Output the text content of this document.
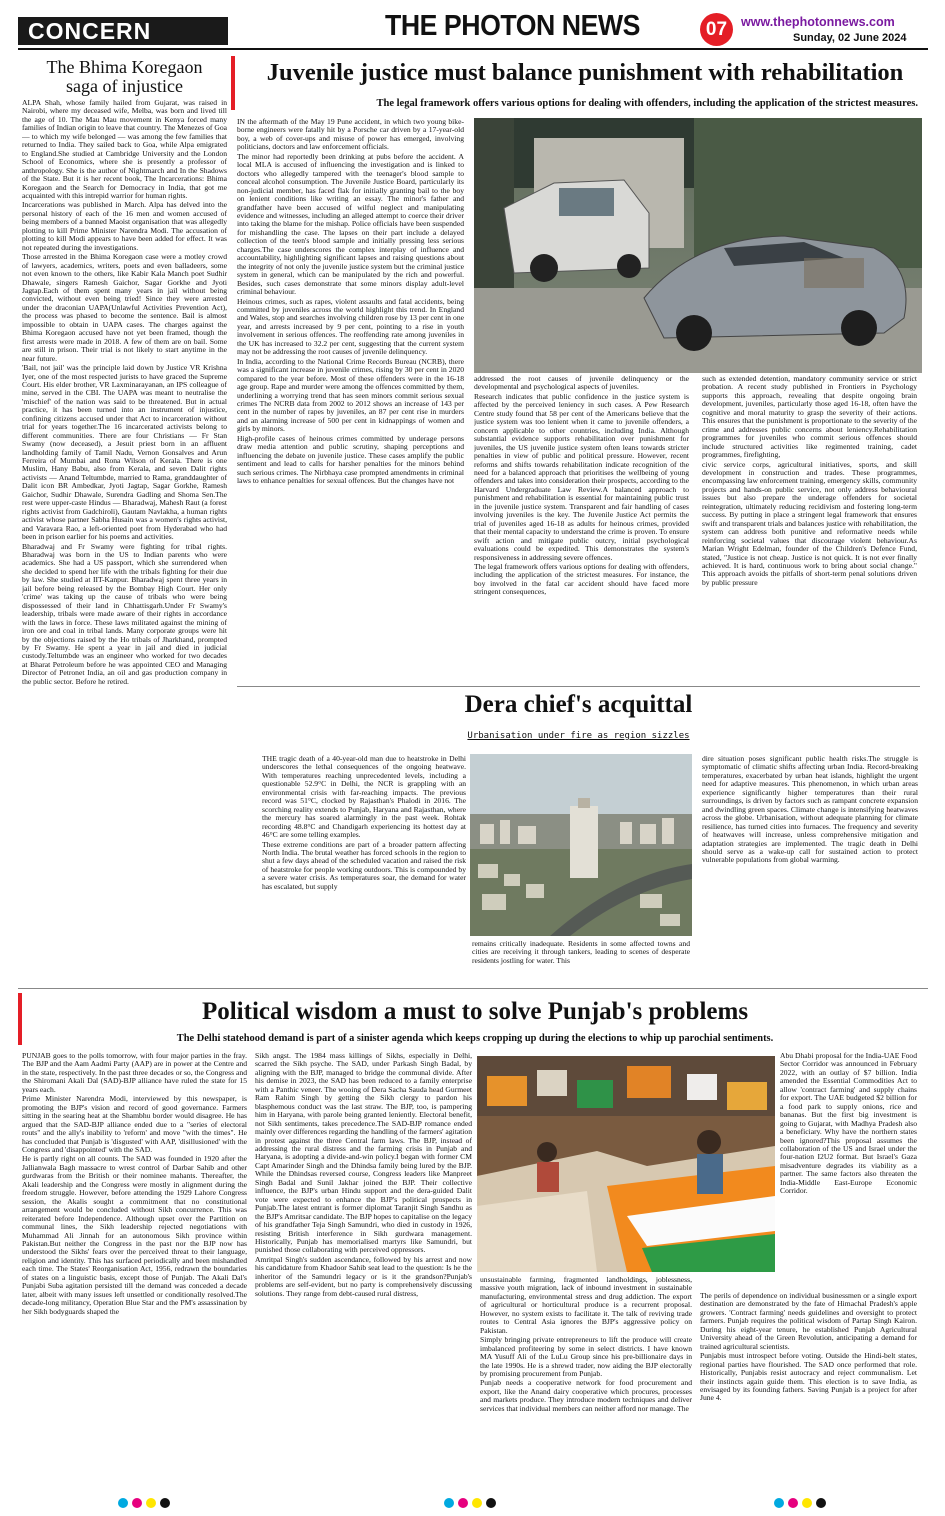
CONCERN	THE PHOTON NEWS	07	www.thephotonnews.com
Sunday, 02 June 2024
The Bhima Koregaon
saga of injustice

ALPA Shah, whose family hailed from Gujarat, was raised in Nairobi, where my deceased wife, Melba, was born and lived till the age of 10. The Mau Mau movement in Kenya forced many families of Indian origin to leave that country. The Menezes of Goa — to which my wife belonged — was among the few families that returned to India. They sailed back to Goa, while Alpa emigrated to England.She studied at Cambridge University and the London School of Economics, where she is presently a professor of anthropology. She is the author of Nightmarch and In the Shadows of the State. But it is her recent book, The Incarcerations: Bhima Koregaon and the Search for Democracy in India, that got me acquainted with this intrepid warrior for human rights.

Incarcerations was published in March. Alpa has delved into the personal history of each of the 16 men and women accused of being members of a banned Maoist organisation that was allegedly plotting to kill Prime Minister Narendra Modi. The accusation of plotting to kill Modi appears to have been added for effect. It was not repeated during the investigations.

Those arrested in the Bhima Koregaon case were a motley crowd of lawyers, academics, writers, poets and even balladeers, some not even known to the others, like Kabir Kala Manch poet Sudhir Dhawale, singers Ramesh Gaichor, Sagar Gorkhe and Jyoti Jagtap.Each of them spent many years in jail without being convicted, without even being tried! Since they were arrested under the draconian UAPA(Unlawful Activities Prevention Act), the process was phased to become the sentence. Bail is almost impossible to obtain in UAPA cases. The charges against the Bhima Koregaon accused have not yet been framed, though the first arrests were made in 2018. A few of them are on bail. Some are still in prison. Their trial is not likely to start anytime in the near future.

'Bail, not jail' was the principle laid down by Justice VR Krishna Iyer, one of the most respected jurists to have graced the Supreme Court. His elder brother, VR Laxminarayanan, an IPS colleague of mine, served in the CBI. The UAPA was meant to neutralise the 'mischief' of the nation was said to be threatened. But in actual practice, it has been turned into an instrument of injustice, confining citizens accused under that Act to incarceration without trial for years together.The 16 incarcerated activists belong to different communities. There are four Christians — Fr Stan Swamy (now deceased), a Jesuit priest born in an affluent landholding family of Tamil Nadu, Vernon Gonsalves and Arun Ferreira of Mumbai and Rona Wilson of Kerala. There is one Muslim, Hany Babu, also from Kerala, and seven Dalit rights activists — Anand Teltumbde, married to Rama, granddaughter of Dalit icon BR Ambedkar, Jyoti Jagtap, Sagar Gorkhe, Ramesh Gaichor, Sudhir Dhawale, Surendra Gadling and Shoma Sen.The rest were upper-caste Hindus — Bharadwaj, Mahesh Raut (a forest rights activist from Gadchiroli), Gautam Navlakha, a human rights activist whose partner Sabha Husain was a women's rights activist, and Varavara Rao, a left-oriented poet from Hyderabad who had been in prison earlier for his poems and activities.

Bharadwaj and Fr Swamy were fighting for tribal rights. Bharadwaj was born in the US to Indian parents who were academics. She had a US passport, which she surrendered when she decided to spend her life with the tribals fighting for their due by law. She studied at IIT-Kanpur. Bharadwaj spent three years in jail before being released by the Bombay High Court. Her only 'crime' was taking up the cause of tribals who were being dispossessed of their land in Chhattisgarh.Under Fr Swamy's leadership, tribals were made aware of their rights in accordance with the laws in force. These laws militated against the mining of iron ore and coal in tribal lands. Many corporate groups were hit by the objections raised by the Ho tribals of Jharkhand, prompted by Fr Swamy. He spent a year in jail and died in judicial custody.Teltumbde was an engineer who worked for two decades at Bharat Petroleum before he was appointed CEO and Managing Director of Petronet India, an oil and gas production company in the public sector. Before he retired.

Juvenile justice must balance punishment with rehabilitation
The legal framework offers various options for dealing with offenders, including the application of the strictest measures.

IN the aftermath of the May 19 Pune accident, in which two young bike-borne engineers were fatally hit by a Porsche car driven by a 17-year-old boy, a web of cover-ups and misuse of power has emerged, involving politicians, doctors and law enforcement officials.

The minor had reportedly been drinking at pubs before the accident. A local MLA is accused of influencing the investigation and is linked to doctors who allegedly tampered with the teenager's blood sample to conceal alcohol consumption. The Juvenile Justice Board, particularly its non-judicial member, has faced flak for initially granting bail to the boy on lenient conditions like writing an essay. The minor's father and grandfather have been accused of wilful neglect and manipulating evidence and witnesses, including an alleged attempt to coerce their driver into taking the blame for the mishap. Police officials have been suspended for mishandling the case. The lapses on their part include a delayed collection of the teen's blood sample and initially pressing less serious charges.The case underscores the complex interplay of influence and accountability, highlighting significant lapses and raising questions about the integrity of not only the juvenile justice system but the criminal justice system in general, which can be manipulated by the rich and powerful. Besides, such cases demonstrate that some minors display adult-level criminal behaviour.

Heinous crimes, such as rapes, violent assaults and fatal accidents, being committed by juveniles across the world highlight this trend. In England and Wales, stop and searches involving children rose by 13 per cent in one year, and arrests increased by 9 per cent, pointing to a rise in youth involvement in serious offences. The reoffending rate among juveniles in the UK has increased to 32.2 per cent, suggesting that the current system may not be addressing the root causes of juvenile delinquency.

In India, according to the National Crime Records Bureau (NCRB), there was a significant increase in juvenile crimes, rising by 30 per cent in 2020 compared to the year before. Most of these offenders were in the 16-18 age group. Rape and murder were among the offences committed by them, underlining a worrying trend that has seen minors commit serious sexual crimes The NCRB data from 2002 to 2012 shows an increase of 143 per cent in the number of rapes by juveniles, an 87 per cent rise in murders and an alarming increase of 500 per cent in kidnappings of women and girls by minors.

High-profile cases of heinous crimes committed by underage persons draw media attention and public scrutiny, shaping perceptions and influencing the debate on juvenile justice. These cases amplify the public sentiment and lead to calls for harsher penalties for the minors behind such serious crimes. The Nirbhaya case prompted amendments in criminal laws to enhance penalties for sexual offences. But the changes have not

addressed the root causes of juvenile delinquency or the developmental and psychological aspects of juveniles.

Research indicates that public confidence in the justice system is affected by the perceived leniency in such cases. A Pew Research Centre study found that 58 per cent of the Americans believe that the justice system was too lenient when it came to juvenile offenders, a concern applicable to other countries, including India. Although substantial evidence supports rehabilitation over punishment for juveniles, the US juvenile justice system often leans towards stricter penalties in view of public and political pressure. However, recent reforms and shifts towards rehabilitation indicate recognition of the need for a balanced approach that prioritises the wellbeing of young offenders and takes into consideration their prospects, according to the Harvard Undergraduate Law Review.A balanced approach to punishment and rehabilitation is essential for maintaining public trust in the juvenile justice system. Transparent and fair handling of cases involving juveniles is the key. The Juvenile Justice Act permits the trial of juveniles aged 16-18 as adults for heinous crimes, provided that their mental capacity to understand the crime is proven. To ensure swift action and mitigate public outcry, initial psychological evaluations could be expedited. This demonstrates the system's responsiveness in addressing severe offences.

The legal framework offers various options for dealing with offenders, including the application of the strictest measures. For instance, the boy involved in the fatal car accident should have faced more stringent consequences,

such as extended detention, mandatory community service or strict probation. A recent study published in Frontiers in Psychology supports this approach, revealing that despite ongoing brain development, juveniles, particularly those aged 16-18, often have the cognitive and moral maturity to grasp the severity of their actions. This ensures that the punishment is proportionate to the severity of the crime and addresses public concerns about leniency.Rehabilitation programmes for juveniles who commit serious offences should include structured activities like regimented training, cadet programmes, firefighting,

civic service corps, agricultural initiatives, sports, and skill development in construction and trades. These programmes, encompassing law enforcement training, emergency skills, community projects and hands-on public service, not only address behavioural issues but also prepare the underage offenders for societal reintegration, ultimately reducing recidivism and fostering long-term success. By putting in place a stringent legal framework that ensures swift and transparent trials and balances justice with rehabilitation, the system can address both punitive and reformative needs while reinforcing societal values that discourage violent behaviour.As Marian Wright Edelman, founder of the Children's Defence Fund, stated, "Justice is not cheap. Justice is not quick. It is not ever finally achieved. It is hard, continuous work to bring about social change." This approach avoids the pitfalls of short-term penal solutions driven by public pressure

Dera chief's acquittal
Urbanisation under fire as region sizzles

THE tragic death of a 40-year-old man due to heatstroke in Delhi underscores the lethal consequences of the ongoing heatwave. With temperatures reaching unprecedented levels, including a questionable 52.9°C in Delhi, the NCR is grappling with an environmental crisis with far-reaching impacts. The previous record was 51°C, clocked by Rajasthan's Phalodi in 2016. The scorching reality extends to Punjab, Haryana and Rajasthan, where the mercury has soared alarmingly in the past week. Rohtak recording 48.8°C and Chandigarh experiencing its hottest day at 46°C are some telling examples.

These extreme conditions are part of a broader pattern affecting North India. The brutal weather has forced schools in the region to shut a few days ahead of the scheduled vacation and raised the risk of heatstroke for people working outdoors. This is compounded by a severe water crisis. As temperatures soar, the demand for water has escalated, but supply

remains critically inadequate. Residents in some affected towns and cities are receiving it through tankers, leading to scenes of desperate residents jostling for water. This

dire situation poses significant public health risks.The struggle is symptomatic of climatic shifts affecting urban India. Record-breaking temperatures, exacerbated by urban heat islands, highlight the urgent need for adaptive measures. This phenomenon, in which urban areas experience significantly higher temperatures than their rural surroundings, is driven by factors such as rampant concrete expansion and dwindling green spaces. Climate change is intensifying heatwaves across the globe. Urbanisation, without adequate planning for climate resilience, has turned cities into furnaces. The frequency and severity of heatwaves will increase, unless comprehensive mitigation and adaptation strategies are implemented. The tragic death in Delhi should serve as a wake-up call for sustained action to protect vulnerable populations from global warming.

Political wisdom a must to solve Punjab's problems
The Delhi statehood demand is part of a sinister agenda which keeps cropping up during the elections to whip up parochial sentiments.

PUNJAB goes to the polls tomorrow, with four major parties in the fray. The BJP and the Aam Aadmi Party (AAP) are in power at the Centre and in the state, respectively. In the past three decades or so, the Congress and the Shiromani Akali Dal (SAD)-BJP alliance have ruled the state for 15 years each.

Prime Minister Narendra Modi, interviewed by this newspaper, is promoting the BJP's vision and record of good governance. Farmers sitting in the searing heat at the Shambhu border would disagree. He has argued that the SAD-BJP alliance ended due to a "series of electoral routs" and the ally's inability to 'reform' and move "with the times". He has concluded that Punjab is 'disgusted' with AAP, 'disillusioned' with the Congress and 'disappointed' with the SAD.

He is partly right on all counts. The SAD was founded in 1920 after the Jallianwala Bagh massacre to wrest control of Darbar Sahib and other gurdwaras from the British or their nominee mahants. Thereafter, the Akali leadership and the Congress were mostly in alignment during the freedom struggle. However, before attending the 1929 Lahore Congress session, the Akalis sought a commitment that no constitutional arrangement would be concluded without Sikh concurrence. This was reiterated before Independence. Although upset over the Partition on communal lines, the Sikh leadership rejected negotiations with Muhammad Ali Jinnah for an autonomous Sikh province within Pakistan.But neither the Congress in the past nor the BJP now has understood the Sikhs' fears over the perceived threat to their language, religion and identity. This has surfaced periodically and been mishandled each time. The States' Reorganisation Act, 1956, redrawn the boundaries of states on a linguistic basis, except those of Punjab. The Akali Dal's Punjabi Suba agitation persisted till the demand was conceded a decade later, albeit with many issues left unsettled or conditionally resolved.The decade-long militancy, Operation Blue Star and the PM's assassination by her Sikh bodyguards shaped the

Sikh angst. The 1984 mass killings of Sikhs, especially in Delhi, scarred the Sikh psyche. The SAD, under Parkash Singh Badal, by aligning with the BJP, managed to bridge the communal divide. After his demise in 2023, the SAD has been reduced to a family enterprise with a Panthic veneer. The wooing of Dera Sacha Sauda head Gurmeet Ram Rahim Singh by getting the Sikh clergy to pardon his blasphemous conduct was the last straw. The BJP, too, is pampering him in Haryana, with parole being granted leniently. Electoral benefit, not Sikh sentiments, takes precedence.The SAD-BJP romance ended mainly over differences regarding the handling of the farmers' agitation in protest against the three Central farm laws. The BJP, instead of addressing the rural distress and the farming crisis in Punjab and Haryana, is adopting a divide-and-win policy.I began with former CM Capt Amarinder Singh and the Dhindsa family being lured by the BJP. While the Dhindsas reversed course, Congress leaders like Manpreet Singh Badal and Sunil Jakhar joined the BJP. Their collective influence, the BJP's urban Hindu support and the dera-guided Dalit vote were expected to enhance the BJP's political prospects in Punjab.The latest entrant is former diplomat Taranjit Singh Sandhu as the BJP's Amritsar candidate. The BJP hopes to capitalise on the legacy of his grandfather Teja Singh Samundri, who died in custody in 1926, resisting British interference in Sikh gurdwara management. Historically, Punjab has memorialised martyrs like Samundri, but punished those collaborating with perceived oppressors.

Amritpal Singh's sudden ascendance, followed by his arrest and now his candidature from Khadoor Sahib seat lead to the question: Is he the inheritor of the Samundri legacy or is it the grandson?Punjab's problems are self-evident, but no party is comprehensively discussing solutions. They range from debt-caused rural distress,

unsustainable farming, fragmented landholdings, joblessness, massive youth migration, lack of inbound investment in sustainable manufacturing, environmental stress and drug addiction. The export of agricultural or horticultural produce is a recurrent proposal. However, no system exists to facilitate it. The talk of reviving trade routes to Central Asia ignores the BJP's aggressive policy on Pakistan.

Simply bringing private entrepreneurs to lift the produce will create imbalanced profiteering by some in select districts. I have known MA Yusuff Ali of the LuLu Group since his pre-billionaire days in the late 1990s. He is a shrewd trader, now aiding the BJP electorally by promising procurement from Punjab.

Punjab needs a cooperative network for food procurement and export, like the Anand dairy cooperative which procures, processes and markets produce. They introduce modern techniques and deliver services that individual members can neither afford nor manage. The

Abu Dhabi proposal for the India-UAE Food Sector Corridor was announced in February 2022, with an outlay of $7 billion. India amended the Essential Commodities Act to allow 'contract farming' and supply chains for export. The UAE budgeted $2 billion for a food park to supply onions, rice and bananas. But the first big investment is going to Gujarat, with Madhya Pradesh also a beneficiary. Why have the northern states been ignored?This proposal assumes the collaboration of the US and Israel under the four-nation I2U2 format. But Israel's Gaza misadventure degrades its viability as a partner. The same factors also threaten the India-Middle East-Europe Economic Corridor.

The perils of dependence on individual businessmen or a single export destination are demonstrated by the fate of Himachal Pradesh's apple growers. 'Contract farming' needs guidelines and oversight to protect farmers. Punjab requires the political wisdom of Partap Singh Kairon. During his eight-year tenure, he established Punjab Agricultural University ahead of the Green Revolution, anticipating a demand for trained agricultural scientists.

Punjabis must introspect before voting. Outside the Hindi-belt states, regional parties have flourished. The SAD once performed that role. Historically, Punjabis resist autocracy and reject communalism. Let their instincts again guide them. This election is to save India, as envisaged by its founding fathers. Saving Punjab is a project for after June 4.
